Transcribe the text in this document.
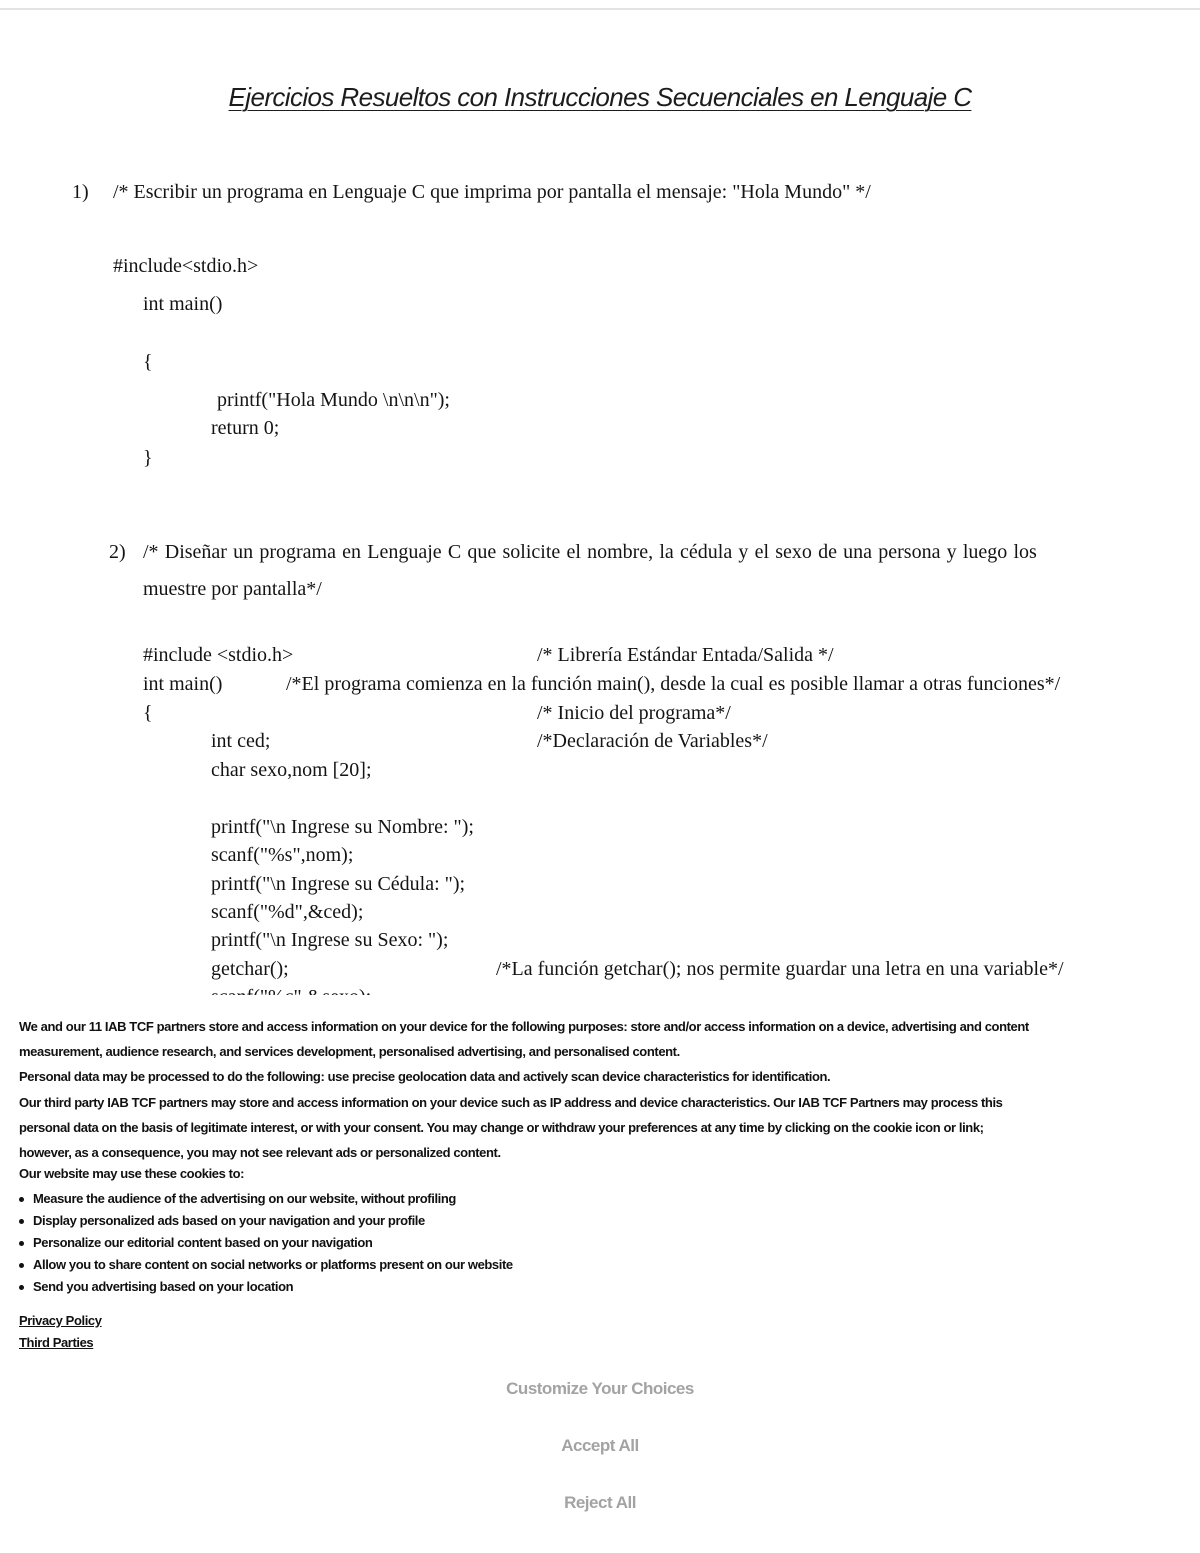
Ejercicios Resueltos con Instrucciones Secuenciales en Lenguaje C
1) /* Escribir un programa en Lenguaje C que imprima por pantalla el mensaje: "Hola Mundo" */
#include<stdio.h>
int main()
{
printf("Hola Mundo \n\n\n");
return 0;
}
2) /* Diseñar un programa en Lenguaje C que solicite el nombre, la cédula y el sexo de una persona y luego los
muestre por pantalla*/
#include <stdio.h>	/* Librería Estándar Entada/Salida */
int main()	/*El programa comienza en la función main(), desde la cual es posible llamar a otras funciones*/
{	/* Inicio del programa*/
int ced;	/*Declaración de Variables*/
char sexo,nom [20];
printf("\n Ingrese su Nombre: ");
scanf("%s",nom);
printf("\n Ingrese su Cédula: ");
scanf("%d",&ced);
printf("\n Ingrese su Sexo: ");
getchar();	/*La función getchar(); nos permite guardar una letra en una variable*/

We and our 11 IAB TCF partners store and access information on your device for the following purposes: store and/or access information on a device, advertising and content

measurement, audience research, and services development, personalised advertising, and personalised content.

Personal data may be processed to do the following: use precise geolocation data and actively scan device characteristics for identification.

Our third party IAB TCF partners may store and access information on your device such as IP address and device characteristics. Our IAB TCF Partners may process this

personal data on the basis of legitimate interest, or with your consent. You may change or withdraw your preferences at any time by clicking on the cookie icon or link;

however, as a consequence, you may not see relevant ads or personalized content.

Our website may use these cookies to:

Measure the audience of the advertising on our website, without profiling
Display personalized ads based on your navigation and your profile
Personalize our editorial content based on your navigation
Allow you to share content on social networks or platforms present on our website
Send you advertising based on your location
Privacy Policy
Third Parties
Customize Your Choices
Accept All
Reject All
